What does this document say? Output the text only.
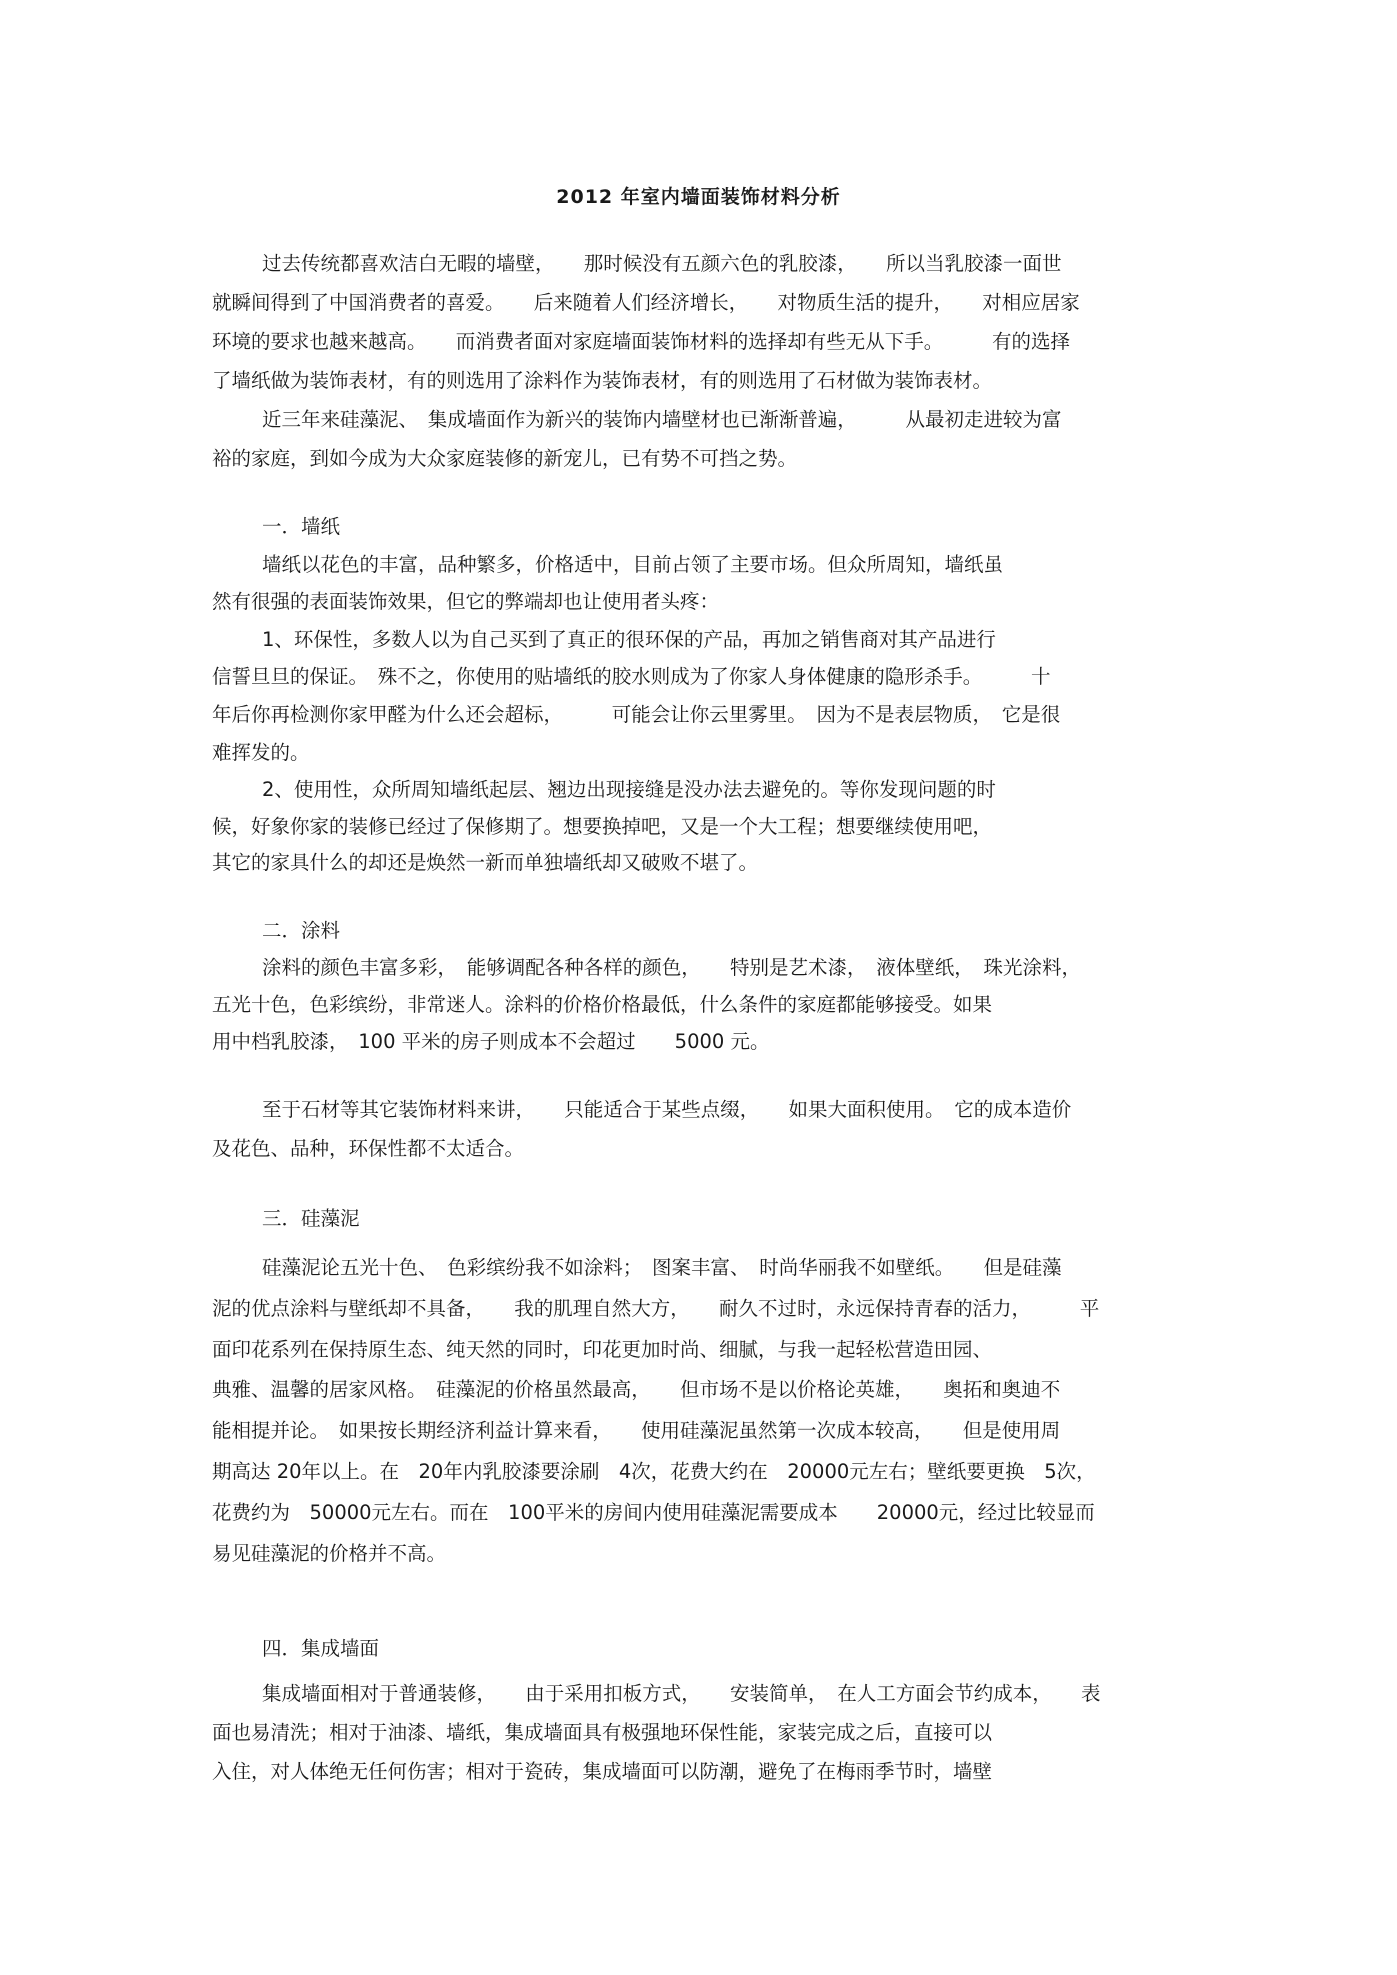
2012 年室内墙面装饰材料分析
过去传统都喜欢洁白无暇的墙壁，　　那时候没有五颜六色的乳胶漆，　　所以当乳胶漆一面世
就瞬间得到了中国消费者的喜爱。　　后来随着人们经济增长，　　对物质生活的提升，　　对相应居家
环境的要求也越来越高。　　而消费者面对家庭墙面装饰材料的选择却有些无从下手。　　　有的选择
了墙纸做为装饰表材，有的则选用了涂料作为装饰表材，有的则选用了石材做为装饰表材。
近三年来硅藻泥、　集成墙面作为新兴的装饰内墙壁材也已渐渐普遍，　　　从最初走进较为富
裕的家庭，到如今成为大众家庭装修的新宠儿，已有势不可挡之势。
一．墙纸
墙纸以花色的丰富，品种繁多，价格适中，目前占领了主要市场。但众所周知，墙纸虽
然有很强的表面装饰效果，但它的弊端却也让使用者头疼：
1、环保性，多数人以为自己买到了真正的很环保的产品，再加之销售商对其产品进行
信誓旦旦的保证。　殊不之，你使用的贴墙纸的胶水则成为了你家人身体健康的隐形杀手。　　　十
年后你再检测你家甲醛为什么还会超标，　　　可能会让你云里雾里。　因为不是表层物质，　它是很
难挥发的。
2、使用性，众所周知墙纸起层、翘边出现接缝是没办法去避免的。等你发现问题的时
候，好象你家的装修已经过了保修期了。想要换掉吧，又是一个大工程；想要继续使用吧，
其它的家具什么的却还是焕然一新而单独墙纸却又破败不堪了。
二．涂料
涂料的颜色丰富多彩，　能够调配各种各样的颜色，　　特别是艺术漆，　液体壁纸，　珠光涂料，
五光十色，色彩缤纷，非常迷人。涂料的价格价格最低，什么条件的家庭都能够接受。如果
用中档乳胶漆，　100 平米的房子则成本不会超过　　5000 元。
至于石材等其它装饰材料来讲，　　只能适合于某些点缀，　　如果大面积使用。　它的成本造价
及花色、品种，环保性都不太适合。
三．硅藻泥
硅藻泥论五光十色、　色彩缤纷我不如涂料；　图案丰富、　时尚华丽我不如壁纸。　　但是硅藻
泥的优点涂料与壁纸却不具备，　　我的肌理自然大方，　　耐久不过时，永远保持青春的活力，　　　平
面印花系列在保持原生态、纯天然的同时，印花更加时尚、细腻，与我一起轻松营造田园、
典雅、温馨的居家风格。　硅藻泥的价格虽然最高，　　但市场不是以价格论英雄，　　奥拓和奥迪不
能相提并论。　如果按长期经济利益计算来看，　　使用硅藻泥虽然第一次成本较高，　　但是使用周
期高达 20年以上。在　20年内乳胶漆要涂刷　4次，花费大约在　20000元左右；壁纸要更换　5次，
花费约为　50000元左右。而在　100平米的房间内使用硅藻泥需要成本　　20000元，经过比较显而
易见硅藻泥的价格并不高。
四．集成墙面
集成墙面相对于普通装修，　　由于采用扣板方式，　　安装简单，　在人工方面会节约成本，　　表
面也易清洗；相对于油漆、墙纸，集成墙面具有极强地环保性能，家装完成之后，直接可以
入住，对人体绝无任何伤害；相对于瓷砖，集成墙面可以防潮，避免了在梅雨季节时，墙壁
